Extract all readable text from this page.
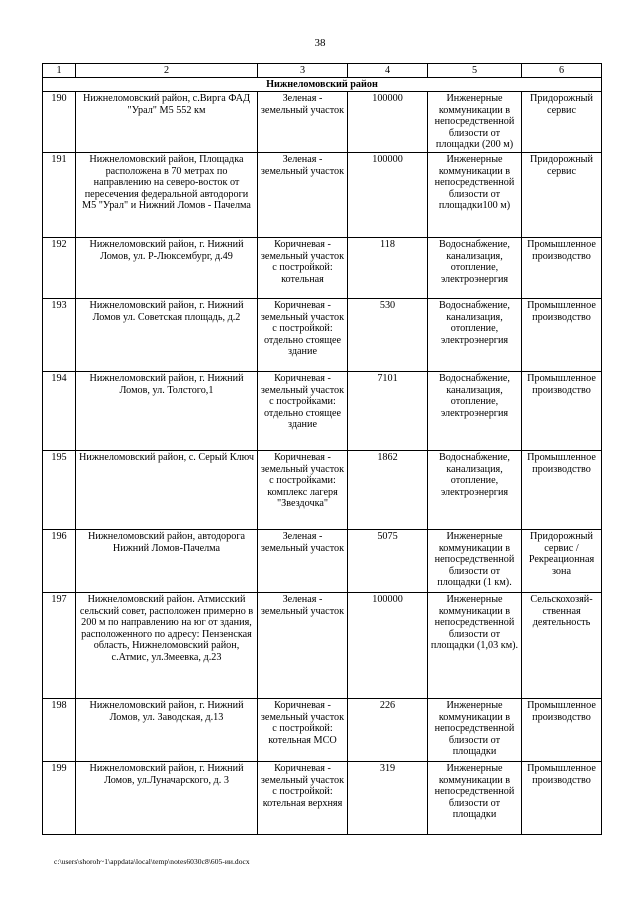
38
1	2	3	4	5	6
Нижнеломовский район					
190	Нижнеломовский район, с.Вирга ФАД "Урал" М5 552 км	Зеленая - земельный участок	100000	Инженерные коммуникации в непосредственной близости от площадки (200 м)	Придорожный сервис
191	Нижнеломовский район, Площадка расположена в 70 метрах по направлению на северо-восток от пересечения федеральной автодороги М5 "Урал" и Нижний Ломов - Пачелма	Зеленая - земельный участок	100000	Инженерные коммуникации в непосредственной близости от площадки100 м)	Придорожный сервис
192	Нижнеломовский район, г. Нижний Ломов, ул. Р-Люксембург, д.49	Коричневая - земельный участок с постройкой: котельная	118	Водоснабжение, канализация, отопление, электроэнергия	Промышленное производство
193	Нижнеломовский район, г. Нижний Ломов ул. Советская площадь, д.2	Коричневая - земельный участок с постройкой: отдельно стоящее здание	530	Водоснабжение, канализация, отопление, электроэнергия	Промышленное производство
194	Нижнеломовский район, г. Нижний Ломов, ул. Толстого,1	Коричневая - земельный участок с постройками: отдельно стоящее здание	7101	Водоснабжение, канализация, отопление, электроэнергия	Промышленное производство
195	Нижнеломовский район, с. Серый Ключ	Коричневая - земельный участок с постройками: комплекс лагеря "Звездочка"	1862	Водоснабжение, канализация, отопление, электроэнергия	Промышленное производство
196	Нижнеломовский район, автодорога Нижний Ломов-Пачелма	Зеленая - земельный участок	5075	Инженерные коммуникации в непосредственной близости от площадки (1 км).	Придорожный сервис / Рекреационная зона
197	Нижнеломовский район. Атмисский сельский совет, расположен примерно в 200 м по направлению на юг от здания, расположенного по адресу: Пензенская область, Нижнеломовский район, с.Атмис, ул.Змеевка, д.23	Зеленая - земельный участок	100000	Инженерные коммуникации в непосредственной близости от площадки (1,03 км).	Сельскохозяй-ственная деятельность
198	Нижнеломовский район, г. Нижний Ломов, ул. Заводская, д.13	Коричневая - земельный участок с постройкой: котельная МСО	226	Инженерные коммуникации в непосредственной близости от площадки	Промышленное производство
199	Нижнеломовский район, г. Нижний Ломов, ул.Луначарского, д. 3	Коричневая - земельный участок с постройкой: котельная верхняя	319	Инженерные коммуникации в непосредственной близости от площадки	Промышленное производство
c:\users\shoroh~1\appdata\local\temp\notes6030c8\605-ии.docx
